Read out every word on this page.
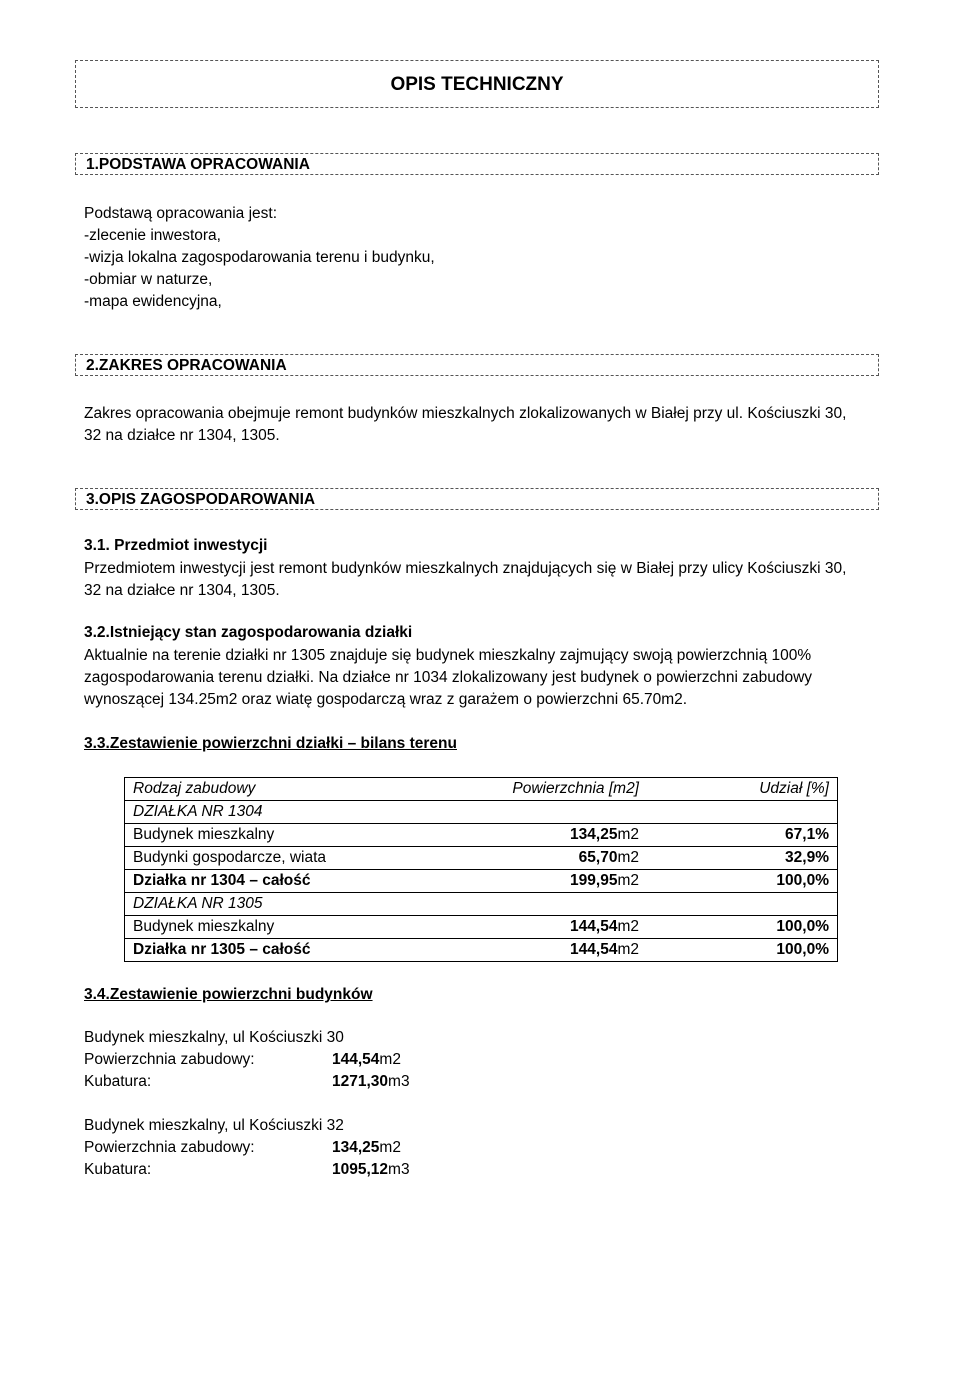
OPIS TECHNICZNY
1.PODSTAWA OPRACOWANIA
Podstawą opracowania jest:
-zlecenie inwestora,
-wizja lokalna zagospodarowania terenu i budynku,
-obmiar w naturze,
-mapa ewidencyjna,
2.ZAKRES OPRACOWANIA
Zakres opracowania obejmuje remont budynków mieszkalnych zlokalizowanych w Białej przy ul. Kościuszki 30,
32 na działce nr 1304, 1305.
3.OPIS ZAGOSPODAROWANIA
3.1. Przedmiot inwestycji
Przedmiotem inwestycji jest remont budynków mieszkalnych znajdujących się w Białej przy ulicy Kościuszki 30,
32 na działce nr 1304, 1305.
3.2.Istniejący stan zagospodarowania działki
Aktualnie na terenie działki nr 1305 znajduje się budynek mieszkalny zajmujący swoją powierzchnią 100%
zagospodarowania terenu działki. Na działce nr 1034 zlokalizowany jest budynek o powierzchni zabudowy
wynoszącej 134.25m2 oraz wiatę gospodarczą wraz z garażem o powierzchni 65.70m2.
3.3.Zestawienie powierzchni działki – bilans terenu
Rodzaj zabudowy	Powierzchnia [m2]	Udział [%]
DZIAŁKA NR 1304		
Budynek mieszkalny	134,25m2	67,1%
Budynki gospodarcze, wiata	65,70m2	32,9%
Działka nr 1304 – całość	199,95m2	100,0%
DZIAŁKA NR 1305		
Budynek mieszkalny	144,54m2	100,0%
Działka nr 1305 – całość	144,54m2	100,0%
3.4.Zestawienie powierzchni budynków
Budynek mieszkalny, ul Kościuszki 30
Powierzchnia zabudowy:	144,54m2
Kubatura:	1271,30m3
Budynek mieszkalny, ul Kościuszki 32
Powierzchnia zabudowy:	134,25m2
Kubatura:	1095,12m3
